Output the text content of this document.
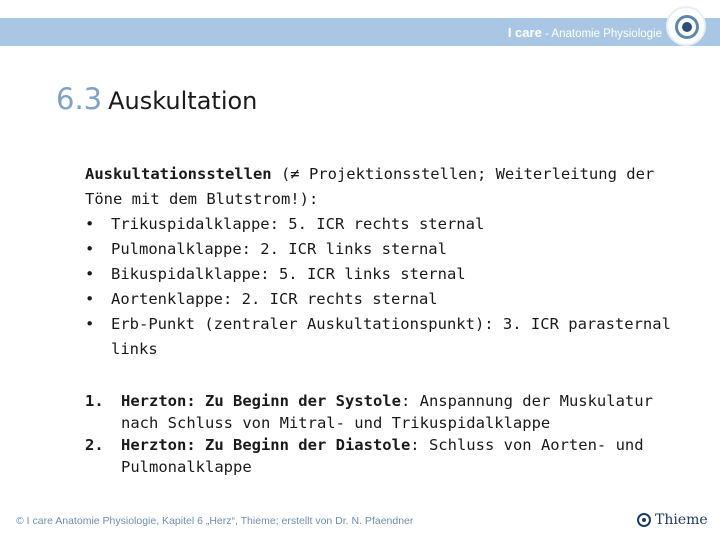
I care - Anatomie Physiologie
6.3 Auskultation

Auskultationsstellen (≠ Projektionsstellen; Weiterleitung der Töne mit dem Blutstrom!):

• Trikuspidalklappe: 5. ICR rechts sternal
• Pulmonalklappe: 2. ICR links sternal
• Bikuspidalklappe: 5. ICR links sternal
• Aortenklappe: 2. ICR rechts sternal
• Erb-Punkt (zentraler Auskultationspunkt): 3. ICR parasternal links
1. Herzton: Zu Beginn der Systole: Anspannung der Muskulatur nach Schluss von Mitral- und Trikuspidalklappe
2. Herzton: Zu Beginn der Diastole: Schluss von Aorten- und Pulmonalklappe
© I care Anatomie Physiologie, Kapitel 6 „Herz“, Thieme; erstellt von Dr. N. Pfaendner	Thieme
